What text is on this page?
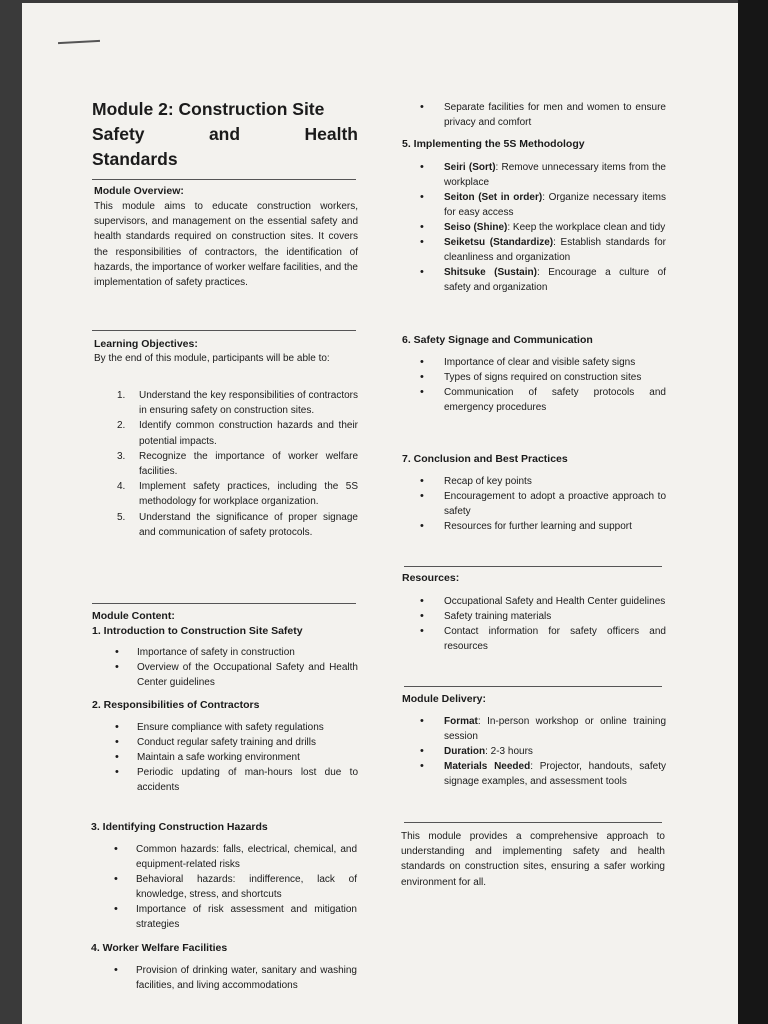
Module 2: Construction Site
Safety	and	Health
Standards
Module Overview:
This module aims to educate construction workers, supervisors, and management on the essential safety and health standards required on construction sites. It covers the responsibilities of contractors, the identification of hazards, the importance of worker welfare facilities, and the implementation of safety practices.
Learning Objectives:
By the end of this module, participants will be able to:
1. Understand the key responsibilities of contractors in ensuring safety on construction sites.
2. Identify common construction hazards and their potential impacts.
3. Recognize the importance of worker welfare facilities.
4. Implement safety practices, including the 5S methodology for workplace organization.
5. Understand the significance of proper signage and communication of safety protocols.
Module Content:
1. Introduction to Construction Site Safety
• Importance of safety in construction
• Overview of the Occupational Safety and Health Center guidelines
2. Responsibilities of Contractors
• Ensure compliance with safety regulations
• Conduct regular safety training and drills
• Maintain a safe working environment
• Periodic updating of man-hours lost due to accidents
3. Identifying Construction Hazards
• Common hazards: falls, electrical, chemical, and equipment-related risks
• Behavioral hazards: indifference, lack of knowledge, stress, and shortcuts
• Importance of risk assessment and mitigation strategies
4. Worker Welfare Facilities
• Provision of drinking water, sanitary and washing facilities, and living accommodations
• Separate facilities for men and women to ensure privacy and comfort
5. Implementing the 5S Methodology
• Seiri (Sort): Remove unnecessary items from the workplace
• Seiton (Set in order): Organize necessary items for easy access
• Seiso (Shine): Keep the workplace clean and tidy
• Seiketsu (Standardize): Establish standards for cleanliness and organization
• Shitsuke (Sustain): Encourage a culture of safety and organization
6. Safety Signage and Communication
• Importance of clear and visible safety signs
• Types of signs required on construction sites
• Communication of safety protocols and emergency procedures
7. Conclusion and Best Practices
• Recap of key points
• Encouragement to adopt a proactive approach to safety
• Resources for further learning and support
Resources:
• Occupational Safety and Health Center guidelines
• Safety training materials
• Contact information for safety officers and resources
Module Delivery:
• Format: In-person workshop or online training session
• Duration: 2-3 hours
• Materials Needed: Projector, handouts, safety signage examples, and assessment tools
This module provides a comprehensive approach to understanding and implementing safety and health standards on construction sites, ensuring a safer working environment for all.
